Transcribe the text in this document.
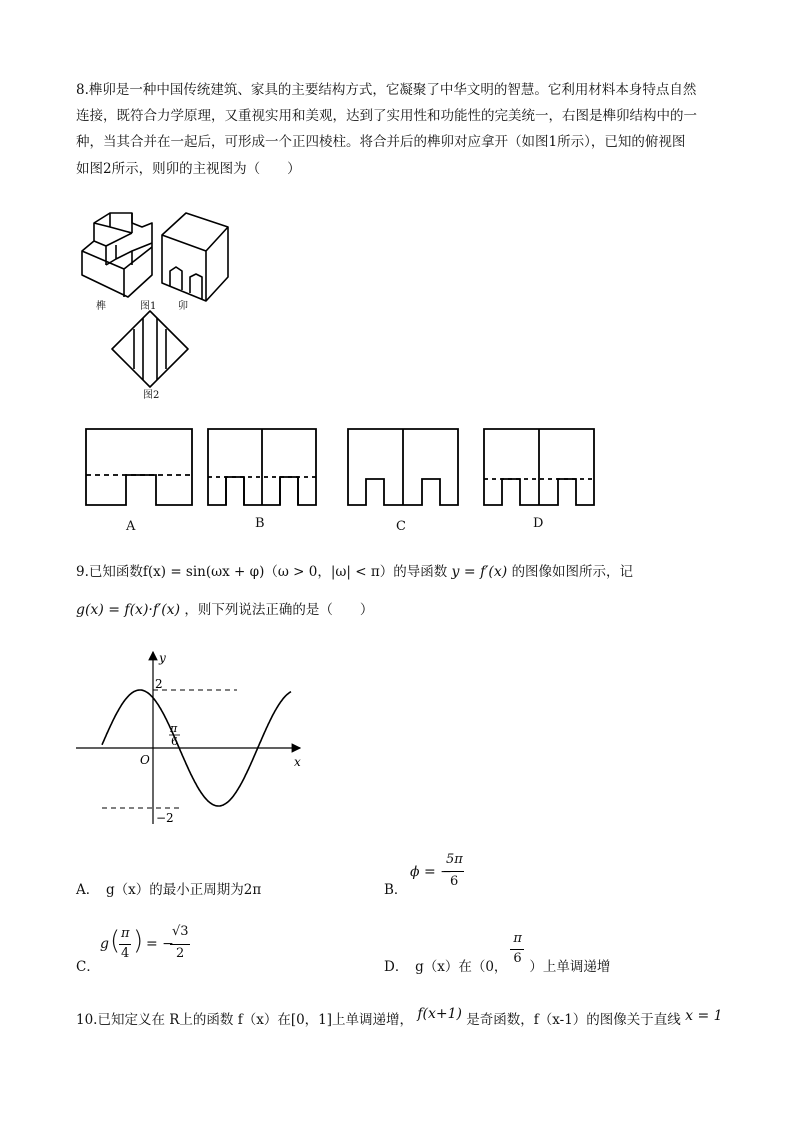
8.榫卯是一种中国传统建筑、家具的主要结构方式，它凝聚了中华文明的智慧。它利用材料本身特点自然
连接，既符合力学原理，又重视实用和美观，达到了实用性和功能性的完美统一，右图是榫卯结构中的一
种，当其合并在一起后，可形成一个正四棱柱。将合并后的榫卯对应拿开（如图1所示），已知的俯视图
如图2所示，则卯的主视图为（　　）
榫	图1 卯
图2
A	B	C	D
9.已知函数f(x) = sin(ωx + φ)（ω > 0，|ω| < π）的导函数 y = f′(x) 的图像如图所示，记
g(x) = f(x)·f′(x) ，则下列说法正确的是（　　）
y
x
O
2
−2
π
6
A．　g（x）的最小正周期为2π	B．
ϕ = −
5π
6
C．
g ( π
4 ) = −
√3
2
D．　g（x）在（0， $\frac{\pi}{6}$ ）上单调递增
10.已知定义在 R上的函数 f（x）在[0，1]上单调递增， f(x+1) 是奇函数，f（x-1）的图像关于直线 x = 1
